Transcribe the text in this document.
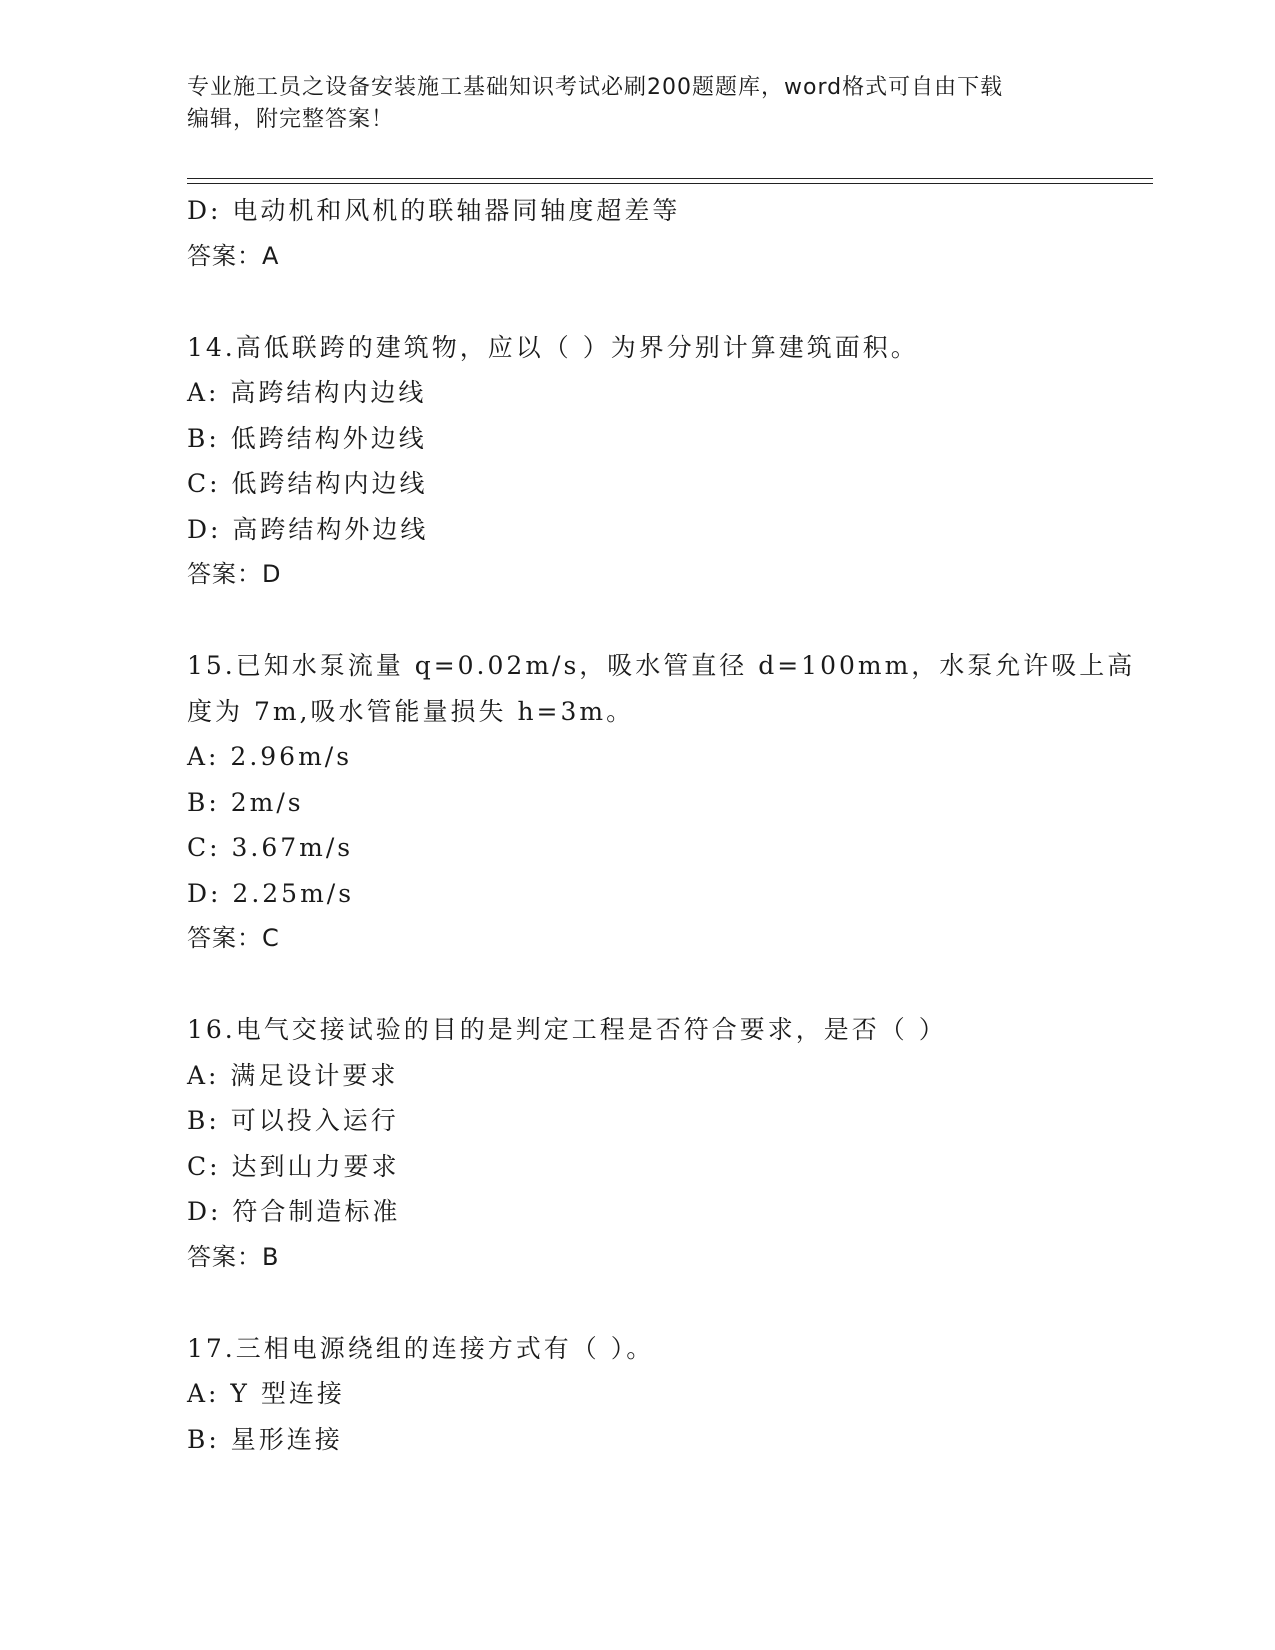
专业施工员之设备安装施工基础知识考试必刷200题题库，word格式可自由下载
编辑，附完整答案！
D: 电动机和风机的联轴器同轴度超差等
答案：A
14.高低联跨的建筑物，应以（ ）为界分别计算建筑面积。
A: 高跨结构内边线
B: 低跨结构外边线
C: 低跨结构内边线
D: 高跨结构外边线
答案：D
15.已知水泵流量 q=0.02m/s，吸水管直径 d=100mm，水泵允许吸上高
度为 7m,吸水管能量损失 h=3m。
A: 2.96m/s
B: 2m/s
C: 3.67m/s
D: 2.25m/s
答案：C
16.电气交接试验的目的是判定工程是否符合要求，是否（ ）
A: 满足设计要求
B: 可以投入运行
C: 达到山力要求
D: 符合制造标准
答案：B
17.三相电源绕组的连接方式有（ ）。
A: Y 型连接
B: 星形连接
